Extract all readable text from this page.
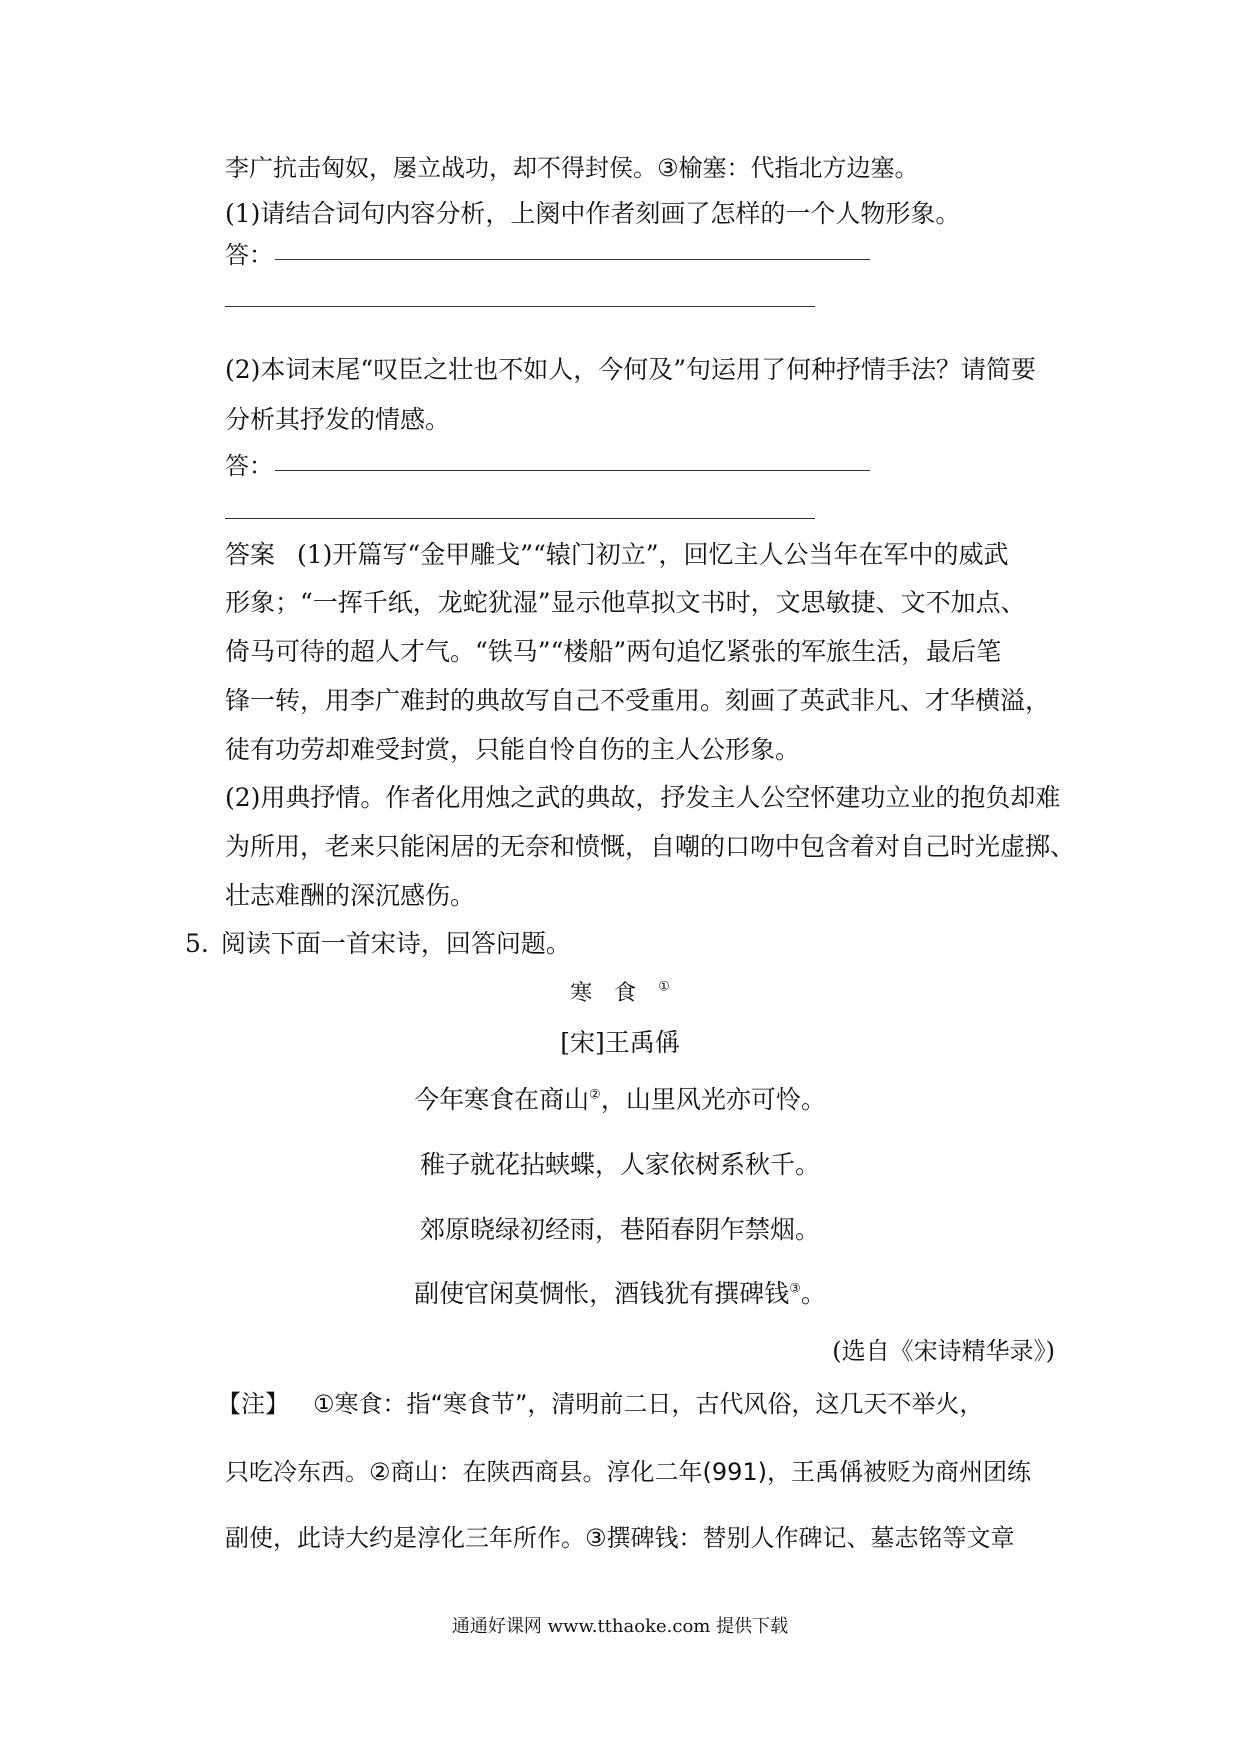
李广抗击匈奴，屡立战功，却不得封侯。③榆塞：代指北方边塞。
(1)请结合词句内容分析，上阕中作者刻画了怎样的一个人物形象。
答：
(2)本词末尾“叹臣之壮也不如人，今何及”句运用了何种抒情手法？请简要
分析其抒发的情感。
答：
答案 (1)开篇写“金甲雕戈”“辕门初立”，回忆主人公当年在军中的威武
形象；“一挥千纸，龙蛇犹湿”显示他草拟文书时，文思敏捷、文不加点、
倚马可待的超人才气。“铁马”“楼船”两句追忆紧张的军旅生活，最后笔
锋一转，用李广难封的典故写自己不受重用。刻画了英武非凡、才华横溢，
徒有功劳却难受封赏，只能自怜自伤的主人公形象。
(2)用典抒情。作者化用烛之武的典故，抒发主人公空怀建功立业的抱负却难
为所用，老来只能闲居的无奈和愤慨，自嘲的口吻中包含着对自己时光虚掷、
壮志难酬的深沉感伤。
5. 阅读下面一首宋诗，回答问题。
寒食①
[宋]王禹偁
今年寒食在商山②，山里风光亦可怜。
稚子就花拈蛱蝶，人家依树系秋千。
郊原晓绿初经雨，巷陌春阴乍禁烟。
副使官闲莫惆怅，酒钱犹有撰碑钱③。
(选自《宋诗精华录》)
【注】 ①寒食：指“寒食节”，清明前二日，古代风俗，这几天不举火，
只吃冷东西。②商山：在陕西商县。淳化二年(991)，王禹偁被贬为商州团练
副使，此诗大约是淳化三年所作。③撰碑钱：替别人作碑记、墓志铭等文章
通通好课网 www.tthaoke.com 提供下载
